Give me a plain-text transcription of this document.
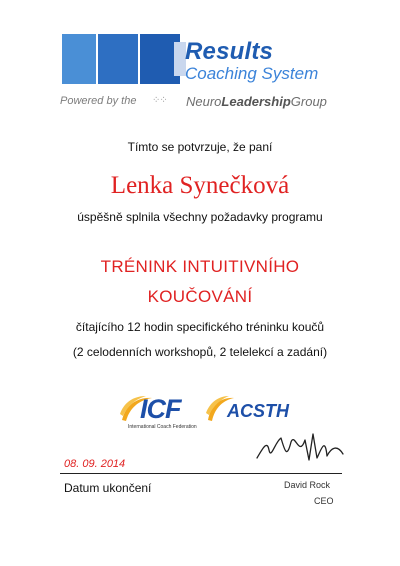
Results
Coaching System
Powered by the ⁘⁘ NeuroLeadershipGroup
Tímto se potvrzuje, že paní
Lenka Synečková
úspěšně splnila všechny požadavky programu
TRÉNINK INTUITIVNÍHO
KOUČOVÁNÍ
čítajícího 12 hodin specifického tréninku koučů
(2 celodenních workshopů, 2 telelekcí a zadání)
ICF
International Coach Federation
ACSTH
08. 09. 2014
Datum ukončení	David Rock
CEO
